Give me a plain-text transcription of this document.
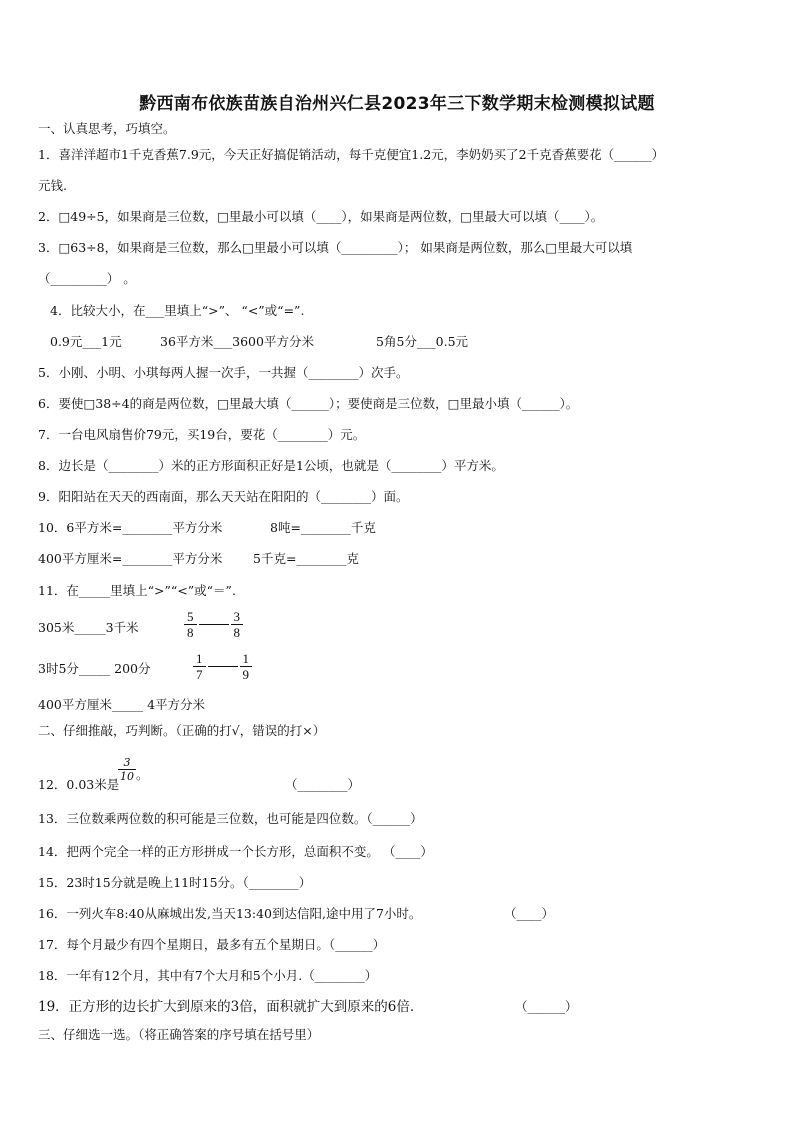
黔西南布依族苗族自治州兴仁县2023年三下数学期末检测模拟试题
一、认真思考，巧填空。
1．喜洋洋超市1千克香蕉7.9元，今天正好搞促销活动，每千克便宜1.2元，李奶奶买了2千克香蕉要花（______）
元钱.
2．□49÷5，如果商是三位数，□里最小可以填（____），如果商是两位数，□里最大可以填（____）。
3．□63÷8，如果商是三位数，那么□里最小可以填（_________）； 如果商是两位数，那么□里最大可以填
（_________） 。
4．比较大小，在___里填上“>”、 “<”或“=”.
0.9元___1元	36平方米___3600平方分米	5角5分___0.5元
5．小刚、小明、小琪每两人握一次手，一共握（________）次手。
6．要使□38÷4的商是两位数，□里最大填（______）；要使商是三位数，□里最小填（______）。
7．一台电风扇售价79元，买19台，要花（________）元。
8．边长是（________）米的正方形面积正好是1公顷，也就是（________）平方米。
9．阳阳站在天天的西南面，那么天天站在阳阳的（________）面。
10．6平方米=________平方分米	8吨=________千克
400平方厘米=________平方分米 5千克=________克
11．在_____里填上“>”“<”或“＝”.
305米_____3千米	$\frac{5}{8}$	$\frac{3}{8}$
3时5分_____ 200分	$\frac{1}{7}$	$\frac{1}{9}$
400平方厘米_____ 4平方分米
二、仔细推敲，巧判断。（正确的打√，错误的打×）
12．0.03米是
$\frac{3}{10}$ 。
（________）
13．三位数乘两位数的积可能是三位数，也可能是四位数。（______）
14．把两个完全一样的正方形拼成一个长方形，总面积不变。 （____）
15．23时15分就是晚上11时15分。（________）
16．一列火车8:40从麻城出发,当天13:40到达信阳,途中用了7小时。	（____）
17．每个月最少有四个星期日，最多有五个星期日。（______）
18．一年有12个月，其中有7个大月和5个小月.（________）
19．正方形的边长扩大到原来的3倍，面积就扩大到原来的6倍．	（______）
三、仔细选一选。（将正确答案的序号填在括号里）
